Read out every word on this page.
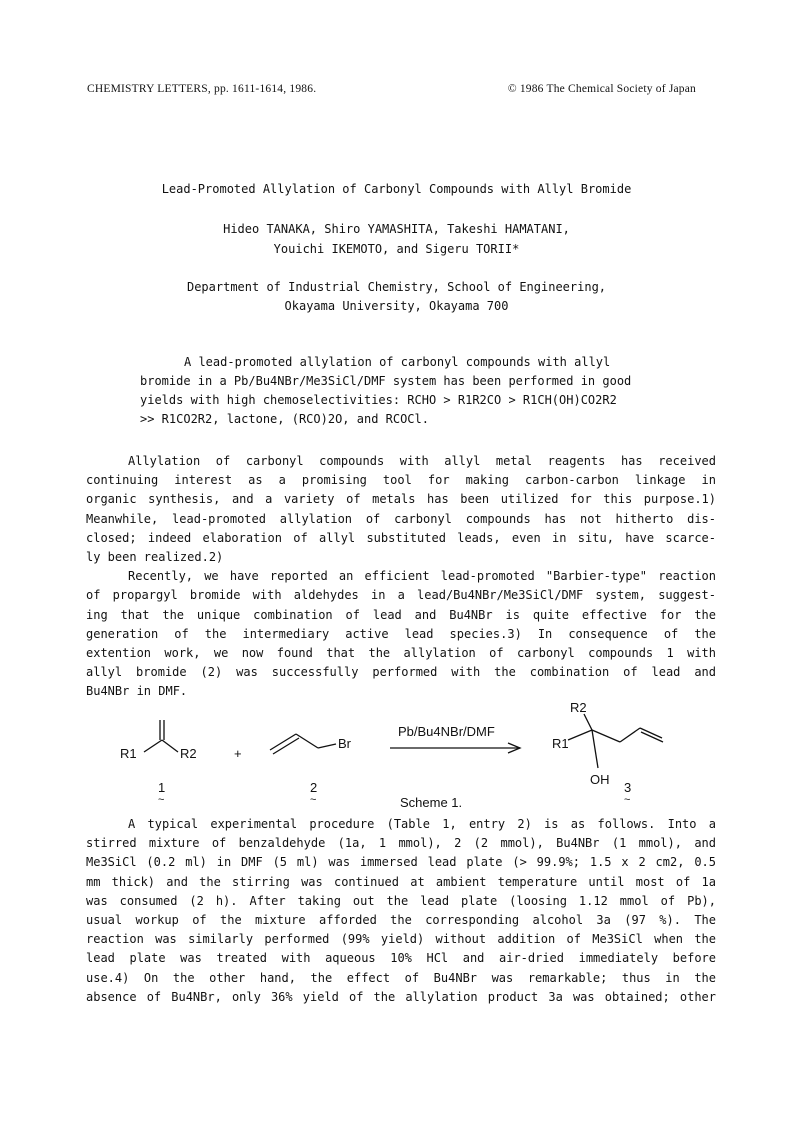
CHEMISTRY LETTERS, pp. 1611-1614, 1986.	© 1986 The Chemical Society of Japan
Lead-Promoted Allylation of Carbonyl Compounds with Allyl Bromide
Hideo TANAKA, Shiro YAMASHITA, Takeshi HAMATANI,
Youichi IKEMOTO, and Sigeru TORII*
Department of Industrial Chemistry, School of Engineering,
Okayama University, Okayama 700
A lead-promoted allylation of carbonyl compounds with allyl
bromide in a Pb/Bu4NBr/Me3SiCl/DMF system has been performed in good
yields with high chemoselectivities: RCHO > R1R2CO > R1CH(OH)CO2R2
>> R1CO2R2, lactone, (RCO)2O, and RCOCl.
Allylation of carbonyl compounds with allyl metal reagents has received
continuing interest as a promising tool for making carbon-carbon linkage in
organic synthesis, and a variety of metals has been utilized for this purpose.1)
Meanwhile, lead-promoted allylation of carbonyl compounds has not hitherto dis-
closed; indeed elaboration of allyl substituted leads, even in situ, have scarce-
ly been realized.2)
Recently, we have reported an efficient lead-promoted "Barbier-type" reaction
of propargyl bromide with aldehydes in a lead/Bu4NBr/Me3SiCl/DMF system, suggest-
ing that the unique combination of lead and Bu4NBr is quite effective for the
generation of the intermediary active lead species.3) In consequence of the
extention work, we now found that the allylation of carbonyl compounds 1 with
allyl bromide (2) was successfully performed with the combination of lead and
Bu4NBr in DMF.
R1	R2	+
Br
Pb/Bu4NBr/DMF
R2
R1
OH
1
~
2
~	Scheme 1.
3
~
A typical experimental procedure (Table 1, entry 2) is as follows. Into a
stirred mixture of benzaldehyde (1a, 1 mmol), 2 (2 mmol), Bu4NBr (1 mmol), and
Me3SiCl (0.2 ml) in DMF (5 ml) was immersed lead plate (> 99.9%; 1.5 x 2 cm2, 0.5
mm thick) and the stirring was continued at ambient temperature until most of 1a
was consumed (2 h). After taking out the lead plate (loosing 1.12 mmol of Pb),
usual workup of the mixture afforded the corresponding alcohol 3a (97 %). The
reaction was similarly performed (99% yield) without addition of Me3SiCl when the
lead plate was treated with aqueous 10% HCl and air-dried immediately before
use.4) On the other hand, the effect of Bu4NBr was remarkable; thus in the
absence of Bu4NBr, only 36% yield of the allylation product 3a was obtained; other
